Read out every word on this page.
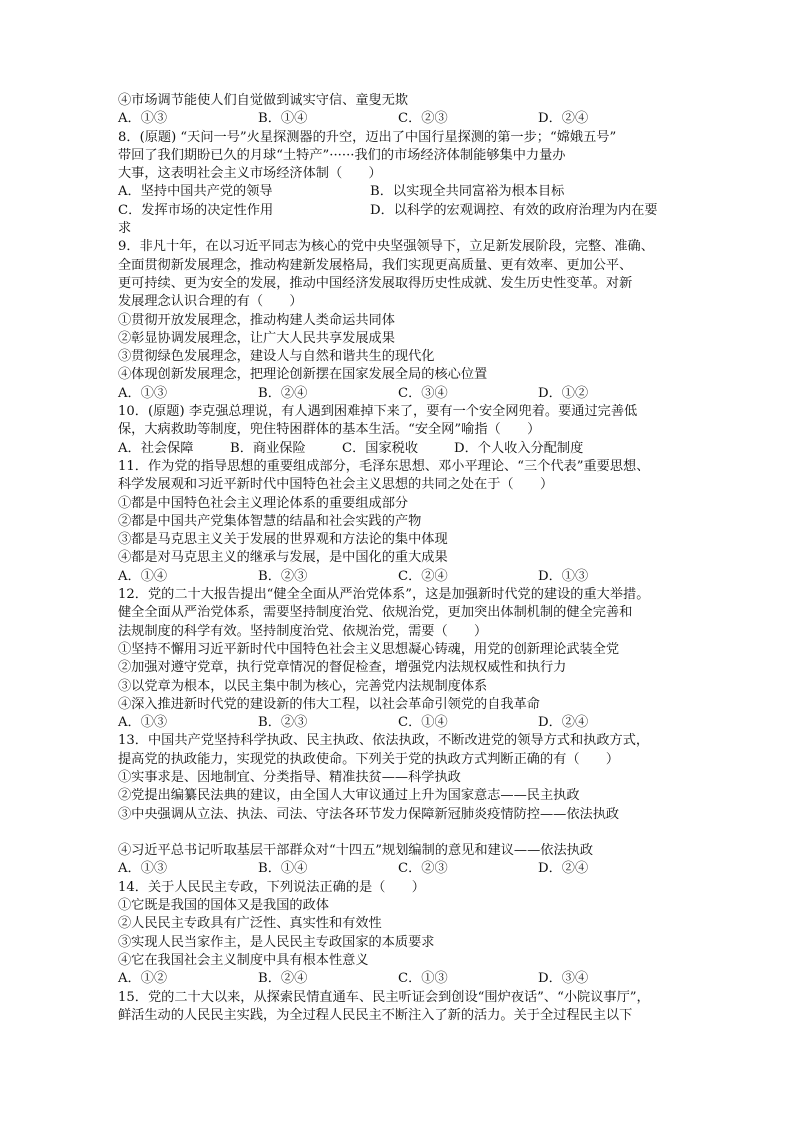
④市场调节能使人们自觉做到诚实守信、童叟无欺
A．①③	B．①④	C．②③	D．②④
8．(原题) “天问一号”火星探测器的升空，迈出了中国行星探测的第一步；“嫦娥五号”
带回了我们期盼已久的月球“土特产”······我们的市场经济体制能够集中力量办
大事，这表明社会主义市场经济体制（　　）
A．坚持中国共产党的领导	B．以实现全共同富裕为根本目标
C．发挥市场的决定性作用	D．以科学的宏观调控、有效的政府治理为内在要
求
9．非凡十年，在以习近平同志为核心的党中央坚强领导下，立足新发展阶段，完整、准确、
全面贯彻新发展理念，推动构建新发展格局，我们实现更高质量、更有效率、更加公平、
更可持续、更为安全的发展，推动中国经济发展取得历史性成就、发生历史性变革。对新
发展理念认识合理的有（　　）
①贯彻开放发展理念，推动构建人类命运共同体
②彰显协调发展理念，让广大人民共享发展成果
③贯彻绿色发展理念，建设人与自然和谐共生的现代化
④体现创新发展理念，把理论创新摆在国家发展全局的核心位置
A．①③	B．②④	C．③④	D．①②
10．(原题) 李克强总理说，有人遇到困难掉下来了，要有一个安全网兜着。要通过完善低
保，大病救助等制度，兜住特困群体的基本生活。“安全网”喻指（　　）
A．社会保障	B．商业保险	C．国家税收	D．个人收入分配制度
11．作为党的指导思想的重要组成部分，毛泽东思想、邓小平理论、“三个代表”重要思想、
科学发展观和习近平新时代中国特色社会主义思想的共同之处在于（　　）
①都是中国特色社会主义理论体系的重要组成部分
②都是中国共产党集体智慧的结晶和社会实践的产物
③都是马克思主义关于发展的世界观和方法论的集中体现
④都是对马克思主义的继承与发展，是中国化的重大成果
A．①④	B．②③	C．②④	D．①③
12．党的二十大报告提出“健全全面从严治党体系”，这是加强新时代党的建设的重大举措。
健全全面从严治党体系，需要坚持制度治党、依规治党，更加突出体制机制的健全完善和
法规制度的科学有效。坚持制度治党、依规治党，需要（　　）
①坚持不懈用习近平新时代中国特色社会主义思想凝心铸魂，用党的创新理论武装全党
②加强对遵守党章，执行党章情况的督促检查，增强党内法规权威性和执行力
③以党章为根本，以民主集中制为核心，完善党内法规制度体系
④深入推进新时代党的建设新的伟大工程，以社会革命引领党的自我革命
A．①③	B．②③	C．①④	D．②④
13．中国共产党坚持科学执政、民主执政、依法执政，不断改进党的领导方式和执政方式，
提高党的执政能力，实现党的执政使命。下列关于党的执政方式判断正确的有（　　）
①实事求是、因地制宜、分类指导、精准扶贫——科学执政
②党提出编纂民法典的建议，由全国人大审议通过上升为国家意志——民主执政
③中央强调从立法、执法、司法、守法各环节发力保障新冠肺炎疫情防控——依法执政
④习近平总书记听取基层干部群众对“十四五”规划编制的意见和建议——依法执政
A．①③	B．①④	C．②③	D．②④
14．关于人民民主专政，下列说法正确的是（　　）
①它既是我国的国体又是我国的政体
②人民民主专政具有广泛性、真实性和有效性
③实现人民当家作主，是人民民主专政国家的本质要求
④它在我国社会主义制度中具有根本性意义
A．①②	B．②④	C．①③	D．③④
15．党的二十大以来，从探索民情直通车、民主听证会到创设“围炉夜话”、“小院议事厅”，
鲜活生动的人民民主实践，为全过程人民民主不断注入了新的活力。关于全过程民主以下
